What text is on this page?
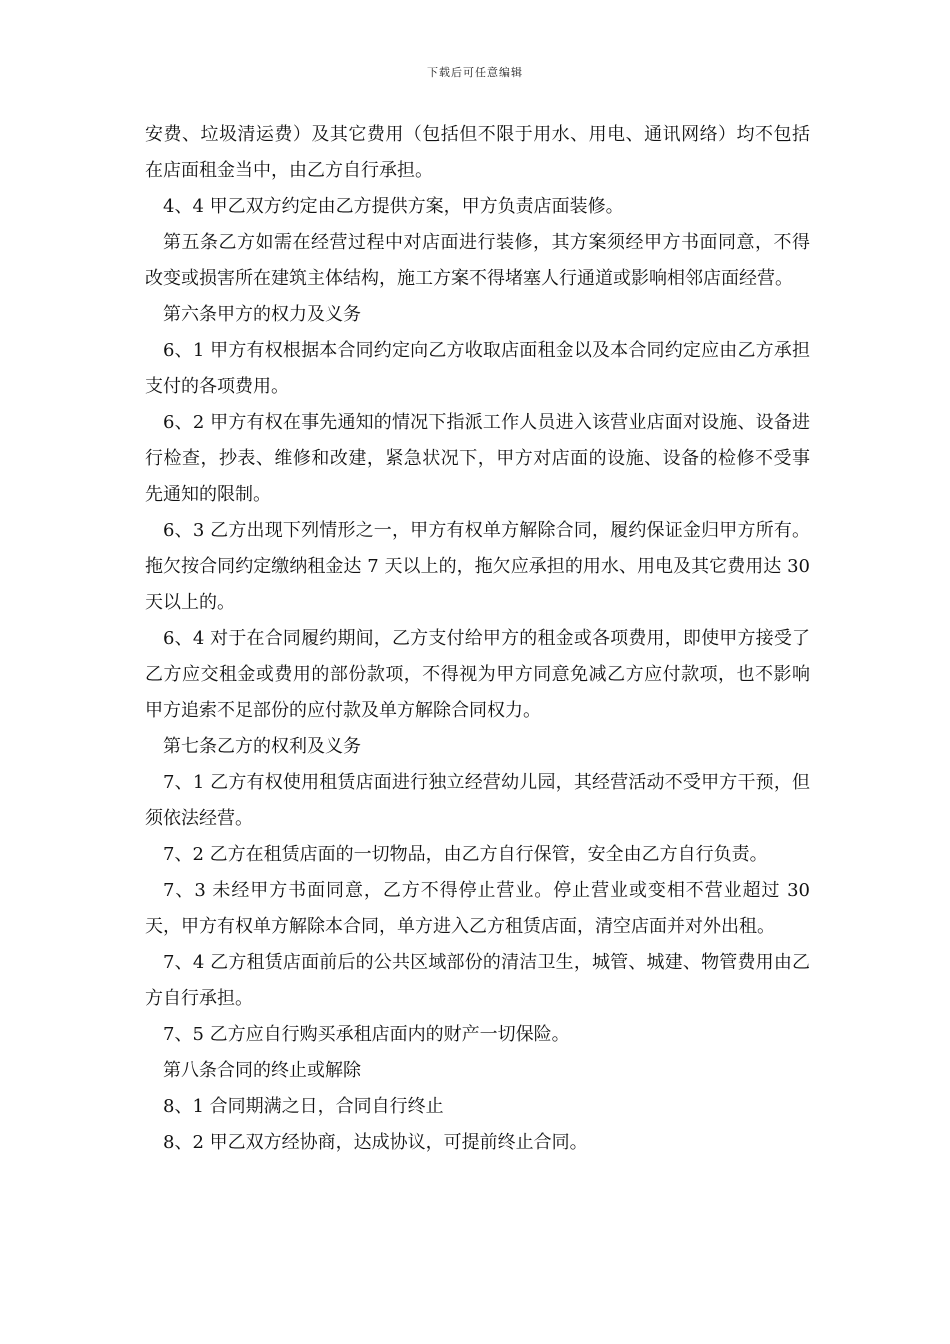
下载后可任意编辑

安费、垃圾清运费）及其它费用（包括但不限于用水、用电、通讯网络）均不包括在店面租金当中，由乙方自行承担。

4、4 甲乙双方约定由乙方提供方案，甲方负责店面装修。

第五条乙方如需在经营过程中对店面进行装修，其方案须经甲方书面同意，不得改变或损害所在建筑主体结构，施工方案不得堵塞人行通道或影响相邻店面经营。

第六条甲方的权力及义务

6、1 甲方有权根据本合同约定向乙方收取店面租金以及本合同约定应由乙方承担支付的各项费用。

6、2 甲方有权在事先通知的情况下指派工作人员进入该营业店面对设施、设备进行检查，抄表、维修和改建，紧急状况下，甲方对店面的设施、设备的检修不受事先通知的限制。

6、3 乙方出现下列情形之一，甲方有权单方解除合同，履约保证金归甲方所有。拖欠按合同约定缴纳租金达 7 天以上的，拖欠应承担的用水、用电及其它费用达 30 天以上的。

6、4 对于在合同履约期间，乙方支付给甲方的租金或各项费用，即使甲方接受了乙方应交租金或费用的部份款项，不得视为甲方同意免减乙方应付款项，也不影响甲方追索不足部份的应付款及单方解除合同权力。

第七条乙方的权利及义务

7、1 乙方有权使用租赁店面进行独立经营幼儿园，其经营活动不受甲方干预，但须依法经营。

7、2 乙方在租赁店面的一切物品，由乙方自行保管，安全由乙方自行负责。

7、3 未经甲方书面同意，乙方不得停止营业。停止营业或变相不营业超过 30 天，甲方有权单方解除本合同，单方进入乙方租赁店面，清空店面并对外出租。

7、4 乙方租赁店面前后的公共区域部份的清洁卫生，城管、城建、物管费用由乙方自行承担。

7、5 乙方应自行购买承租店面内的财产一切保险。

第八条合同的终止或解除

8、1 合同期满之日，合同自行终止

8、2 甲乙双方经协商，达成协议，可提前终止合同。
